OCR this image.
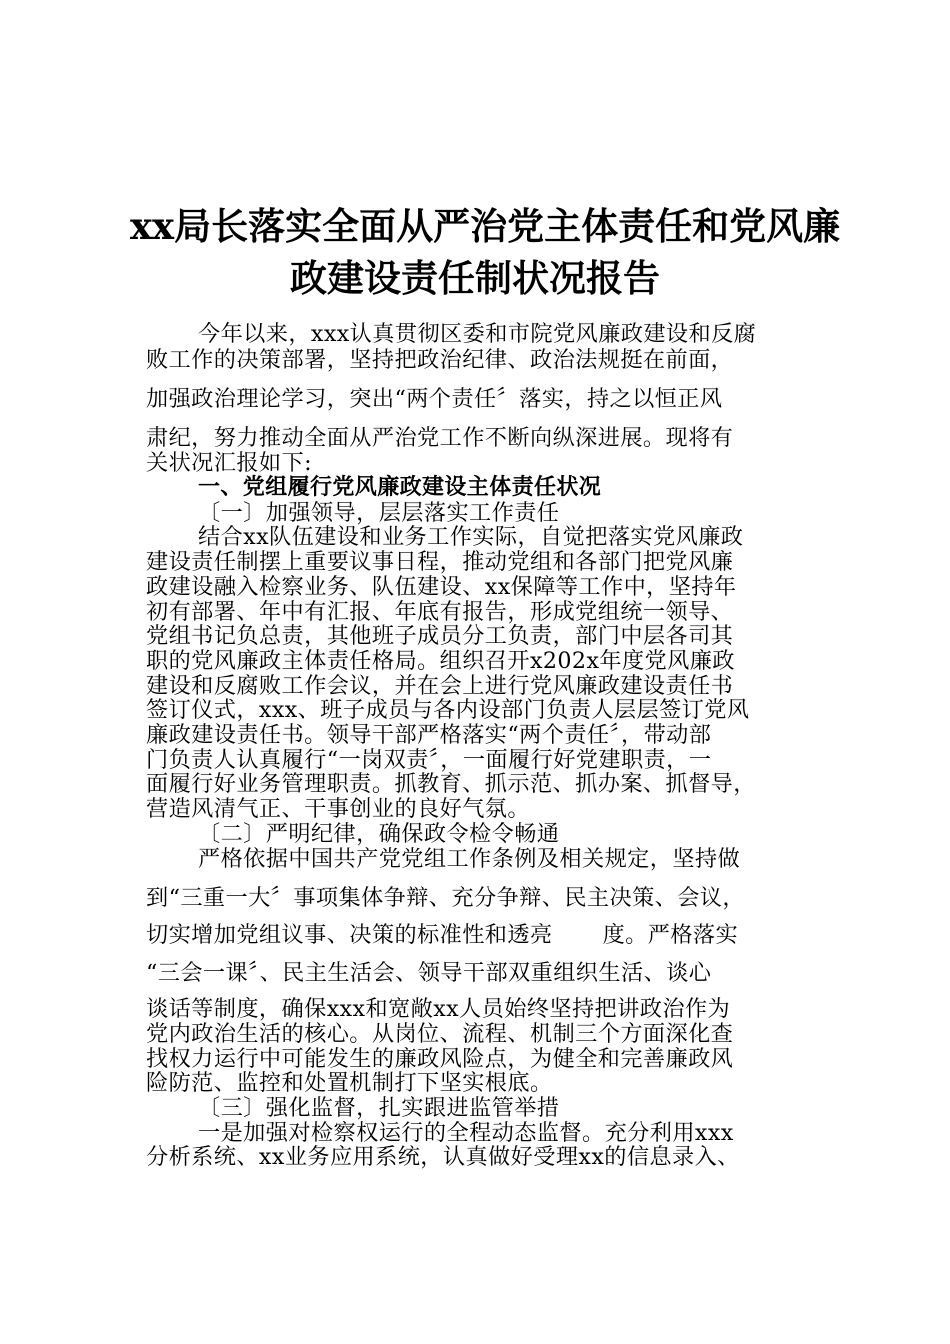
xx局长落实全面从严治党主体责任和党风廉
政建设责任制状况报告
今年以来，xxx认真贯彻区委和市院党风廉政建设和反腐
败工作的决策部署，坚持把政治纪律、政治法规挺在前面，
加强政治理论学习，突出“两个责任〞落实，持之以恒正风
肃纪，努力推动全面从严治党工作不断向纵深进展。现将有
关状况汇报如下:
一、党组履行党风廉政建设主体责任状况
〔一〕加强领导，层层落实工作责任
结合xx队伍建设和业务工作实际，自觉把落实党风廉政
建设责任制摆上重要议事日程，推动党组和各部门把党风廉
政建设融入检察业务、队伍建设、xx保障等工作中，坚持年
初有部署、年中有汇报、年底有报告，形成党组统一领导、
党组书记负总责，其他班子成员分工负责，部门中层各司其
职的党风廉政主体责任格局。组织召开x202x年度党风廉政
建设和反腐败工作会议，并在会上进行党风廉政建设责任书
签订仪式，xxx、班子成员与各内设部门负责人层层签订党风
廉政建设责任书。领导干部严格落实“两个责任〞，带动部
门负责人认真履行“一岗双责〞，一面履行好党建职责，一
面履行好业务管理职责。抓教育、抓示范、抓办案、抓督导，
营造风清气正、干事创业的良好气氛。
〔二〕严明纪律，确保政令检令畅通
严格依据中国共产党党组工作条例及相关规定，坚持做
到“三重一大〞事项集体争辩、充分争辩、民主决策、会议，
切实增加党组议事、决策的标准性和透亮 度。严格落实
“三会一课〞、民主生活会、领导干部双重组织生活、谈心
谈话等制度，确保xxx和宽敞xx人员始终坚持把讲政治作为
党内政治生活的核心。从岗位、流程、机制三个方面深化查
找权力运行中可能发生的廉政风险点，为健全和完善廉政风
险防范、监控和处置机制打下坚实根底。
〔三〕强化监督，扎实跟进监管举措
一是加强对检察权运行的全程动态监督。充分利用xxx
分析系统、xx业务应用系统，认真做好受理xx的信息录入、
